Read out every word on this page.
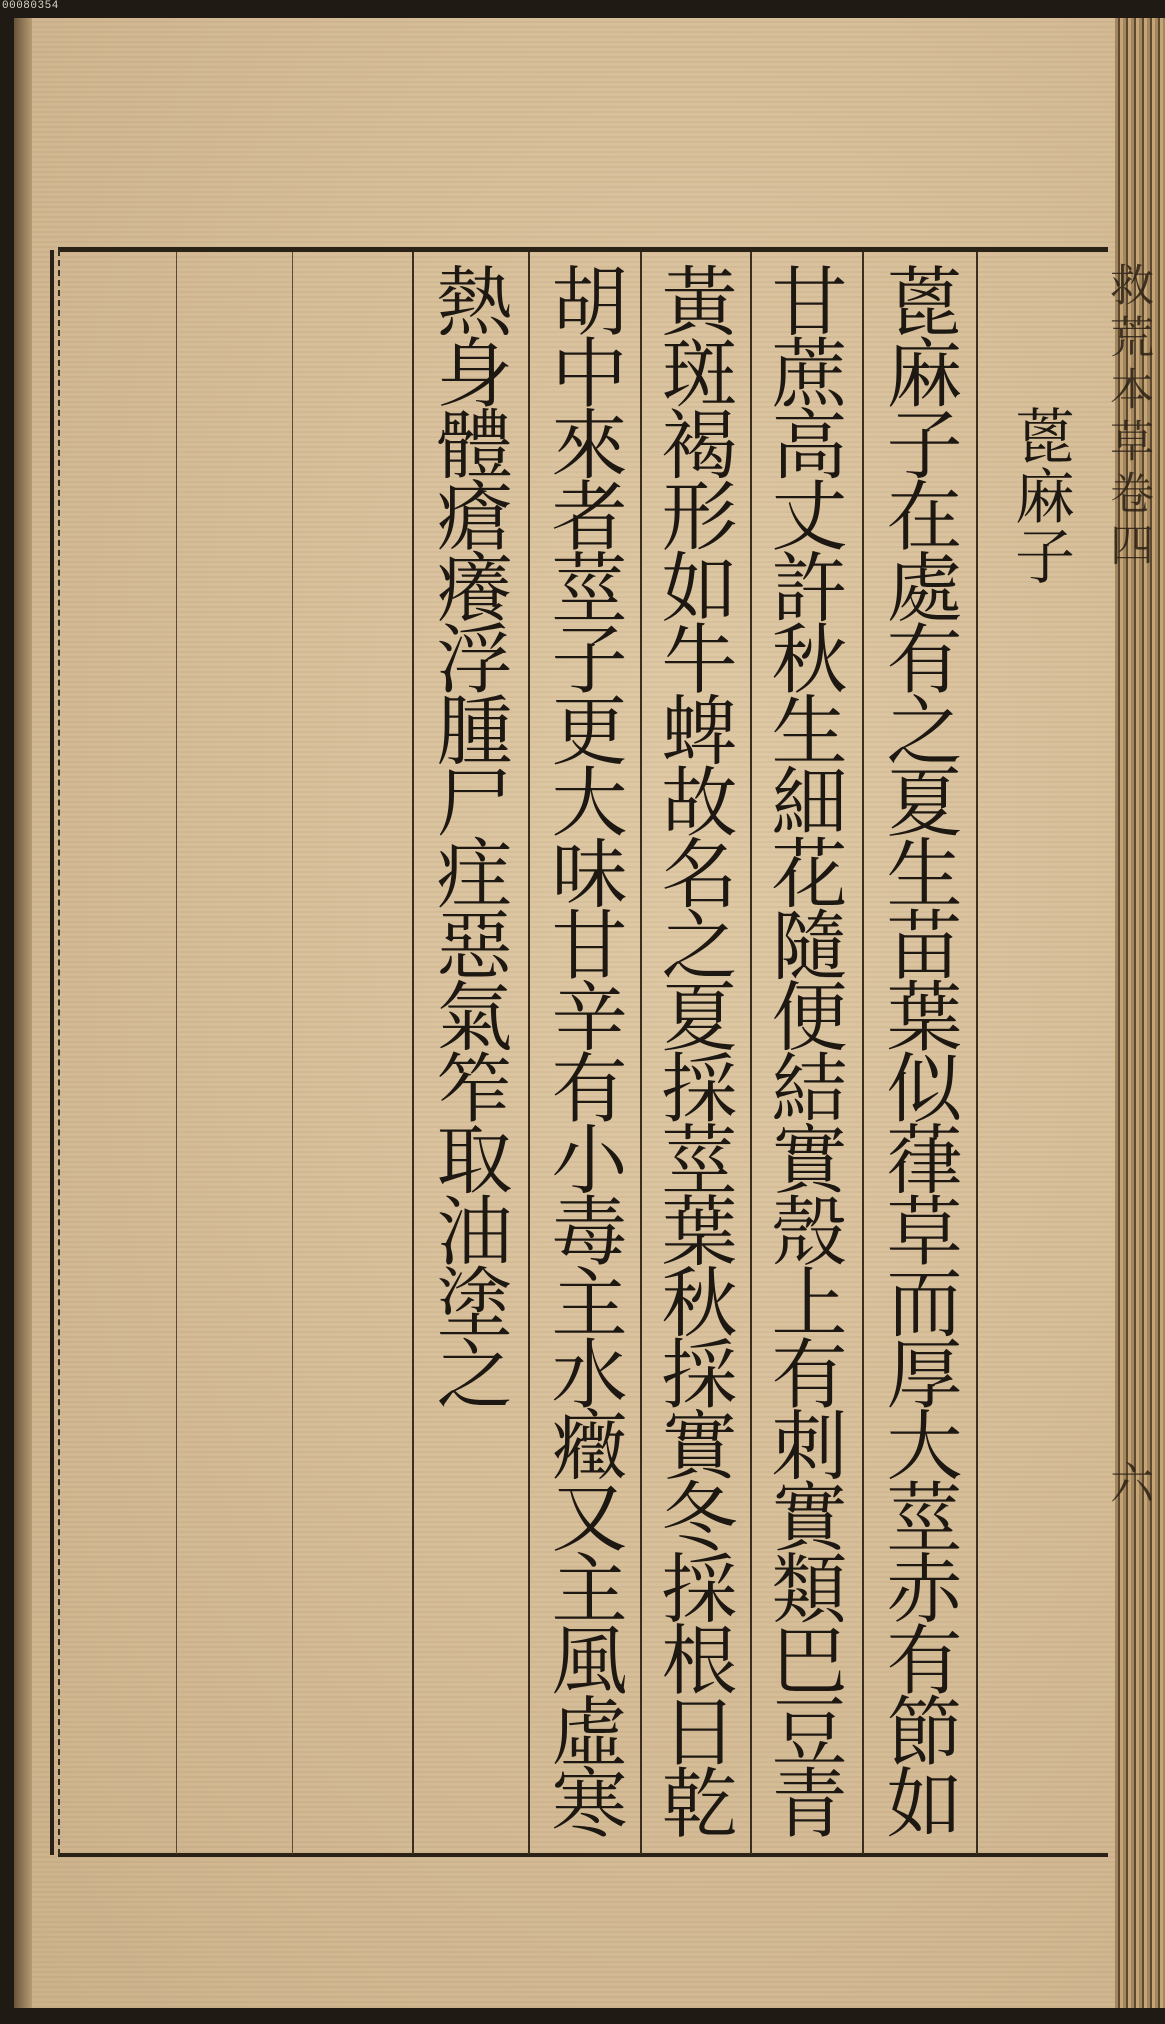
00080354
蓖麻子
蓖麻子在處有之夏生苗葉似葎草而厚大莖赤有節如
甘蔗高丈許秋生細花隨便結實殼上有刺實類巴豆青
黃斑褐形如牛蜱故名之夏採莖葉秋採實冬採根日乾
胡中來者莖子更大味甘辛有小毒主水癥又主風虛寒
熱身體瘡癢浮腫尸疰惡氣笮取油塗之	救荒本草卷四
六
